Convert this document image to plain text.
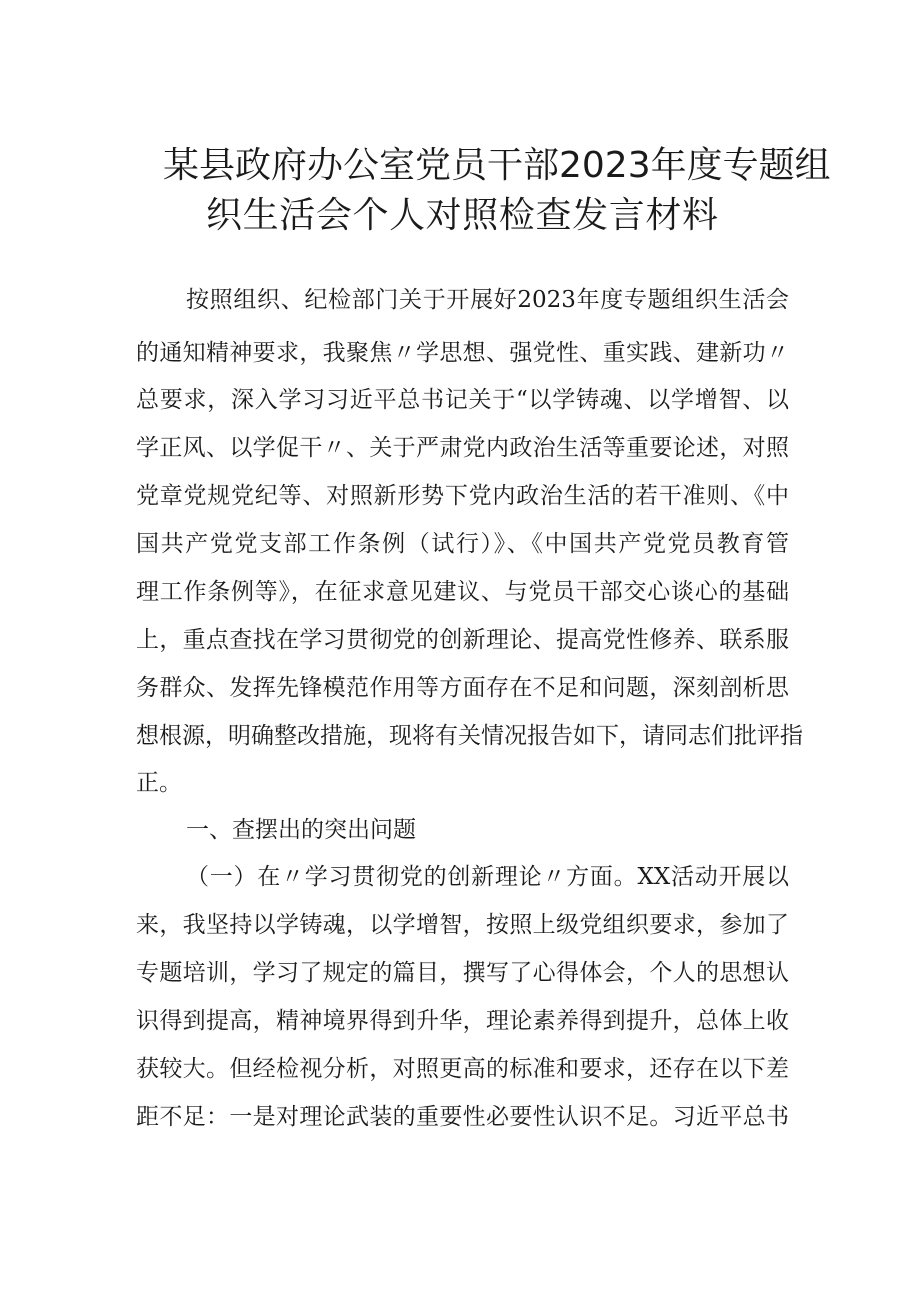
某县政府办公室党员干部2023年度专题组
织生活会个人对照检查发言材料
按照组织、纪检部门关于开展好2023年度专题组织生活会
的通知精神要求，我聚焦〃学思想、强党性、重实践、建新功〃
总要求，深入学习习近平总书记关于“以学铸魂、以学增智、以
学正风、以学促干〃、关于严肃党内政治生活等重要论述，对照
党章党规党纪等、对照新形势下党内政治生活的若干准则、《中
国共产党党支部工作条例（试行）》、《中国共产党党员教育管
理工作条例等》，在征求意见建议、与党员干部交心谈心的基础
上，重点查找在学习贯彻党的创新理论、提高党性修养、联系服
务群众、发挥先锋模范作用等方面存在不足和问题，深刻剖析思
想根源，明确整改措施，现将有关情况报告如下，请同志们批评指
正。
一、查摆出的突出问题
（一）在〃学习贯彻党的创新理论〃方面。XX活动开展以
来，我坚持以学铸魂，以学增智，按照上级党组织要求，参加了
专题培训，学习了规定的篇目，撰写了心得体会，个人的思想认
识得到提高，精神境界得到升华，理论素养得到提升，总体上收
获较大。但经检视分析，对照更高的标准和要求，还存在以下差
距不足：一是对理论武装的重要性必要性认识不足。习近平总书
